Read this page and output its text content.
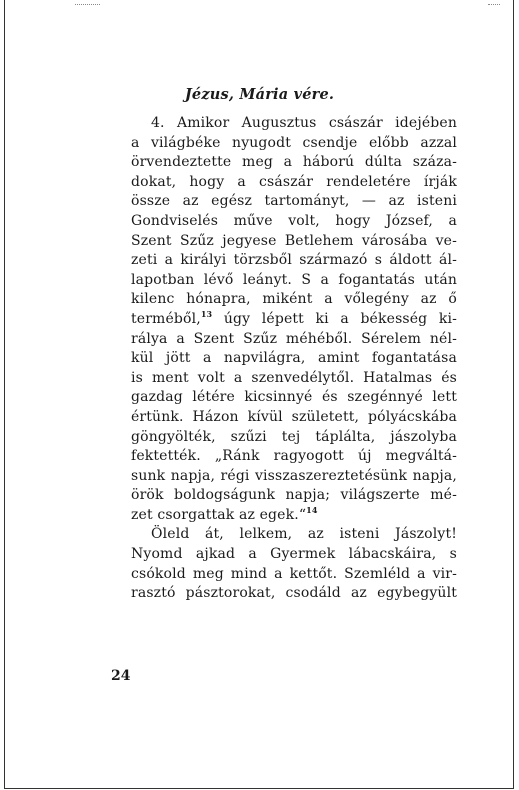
Jézus, Mária vére.
4. Amikor Augusztus császár idejében
a világbéke nyugodt csendje előbb azzal
örvendeztette meg a háború dúlta száza-
dokat, hogy a császár rendeletére írják
össze az egész tartományt, — az isteni
Gondviselés műve volt, hogy József, a
Szent Szűz jegyese Betlehem városába ve-
zeti a királyi törzsből származó s áldott ál-
lapotban lévő leányt. S a fogantatás után
kilenc hónapra, miként a vőlegény az ő
terméből,$^{13}$ úgy lépett ki a békesség ki-
rálya a Szent Szűz méhéből. Sérelem nél-
kül jött a napvilágra, amint fogantatása
is ment volt a szenvedélytől. Hatalmas és
gazdag létére kicsinnyé és szegénnyé lett
értünk. Házon kívül született, pólyácskába
göngyölték, szűzi tej táplálta, jászolyba
fektették. „Ránk ragyogott új megváltá-
sunk napja, régi visszaszereztetésünk napja,
örök boldogságunk napja; világszerte mé-
zet csorgattak az egek.“$^{14}$
Öleld át, lelkem, az isteni Jászolyt!
Nyomd ajkad a Gyermek lábacskáira, s
csókold meg mind a kettőt. Szemléld a vir-
rasztó pásztorokat, csodáld az egybegyült
24
